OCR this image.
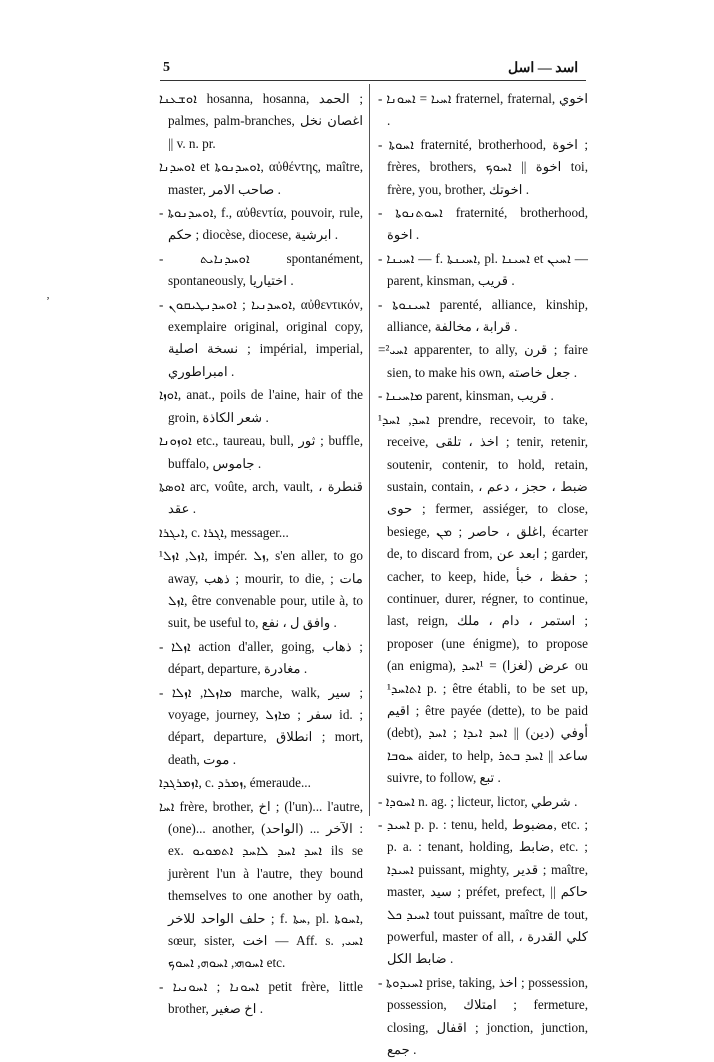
5	ﺍﺳﺪ — ﺍﺳﻞ
ʼ

ܐܘܫܥܢܐ hosanna, hosanna, الحمد ; palmes, palm-branches, اغصان نخل || v. n. pr.

ܐܘܚܕܢܐ et ܐܘܚܕܢܘܬܐ, αὐθέντης, maître, master, صاحب الامر .

- ܐܘܚܕܢܘܬܐ, f., αὐθεντία, pouvoir, rule, حكم ; diocèse, diocese, ابرشية .

- ܐܘܚܕܢܐܝܬ spontanément, spontaneously, اختياريا .

- ܐܘܚܕܢܝܐ ; ܐܘܚܕܢܛܝܩܘܢ, αὐθεντικόν, exemplaire original, original copy, نسخة اصلية ; impérial, imperial, امبراطوري .

ܐܘܙܐ, anat., poils de l'aine, hair of the groin, شعر الكاذة .

ܐܘܙܘܢܐ etc., taureau, bull, ثور ; buffle, buffalo, جاموس .

ܐܘܣܬܐ arc, voûte, arch, vault, قنطرة ، عقد .

ܐܝܓܪܐ, c. ܐܓܪܐ, messager...

¹ܐܙܠ, ܐܙܠ, impér. ܙܠ, s'en aller, to go away, ذهب ; mourir, to die, مات ; ܐܙܠ, être convenable pour, utile à, to suit, be useful to, وافق ل ، نفع .

- ܐܙܠܐ action d'aller, going, ذهاب ; départ, departure, مغادرة .

- ܡܐܙܠܐ, ܐܙܠܐ marche, walk, سير ; voyage, journey, سفر ; ܡܐܙܠ id. ; départ, departure, انطلاق ; mort, death, موت .

ܐܙܡܪܓܕܐ, c. ܙܡܪܕ, émeraude...

ܐܚܐ frère, brother, اخ ; (l'un)... l'autre, (one)... another, (الواحد) ... الآخر : ex. ܐܚܕ ܐܚܕ ܠܐܚܕ ܐܬܡܘܝܘ ils se jurèrent l'un à l'autre, they bound themselves to one another by oath, حلف الواحد للاخر ; f. ܚܬܐ, pl. ܐܚܘܬܐ, sœur, sister, اخت — Aff. s. ܐܚܝ, ܐܚܘܗܝ, ܐܚܘܗ, ܐܚܘܟ etc.

- ܐܚܘܢܐ ; ܐܚܘܢܝܐ petit frère, little brother, اخ صغير .

- ܐܚܝܐ = ܐܚܘܢܐ fraternel, fraternal, اخوي .

- ܐܚܘܬܐ fraternité, brotherhood, اخوة ; frères, brothers, اخوة || ܐܚܘܟ toi, frère, you, brother, اخوتك .

- ܐܚܘܬܢܘܬܐ fraternité, brotherhood, اخوة .

- ܐܚܝܢܐ — f. ܐܚܝܢܬܐ, pl. ܐܚܝܢܐ et ܐܚܝܢ — parent, kinsman, قريب .

- ܐܚܝܢܘܬܐ parenté, alliance, kinship, alliance, قرابة ، مخالفة .

=²ܐܚܝ apparenter, to ally, قرن ; faire sien, to make his own, جعل خاصته .

- ܡܐܚܝܢܐ parent, kinsman, قريب .

¹ܐܚܕ, ܐܚܕ prendre, recevoir, to take, receive, اخذ ، تلقى ; tenir, retenir, soutenir, contenir, to hold, retain, sustain, contain, ضبط ، حجز ، دعم ، حوى ; fermer, assiéger, to close, besiege, اغلق ، حاصر ; ܡܢ, écarter de, to discard from, ابعد عن ; garder, cacher, to keep, hide, حفظ ، خبأ ; continuer, durer, régner, to continue, last, reign, استمر ، دام ، ملك ; proposer (une énigme), to propose (an enigma), عرض (لغزا) = ¹ܐܚܕ ou ¹ܐܬܐܚܕ p. ; être établi, to be set up, اقيم ; être payée (dette), to be paid (debt), أوفي (دين) || ܐܚܕ ܐܝܕܐ ; ܐܚܕ ܚܘܒܐ aider, to help, ساعد || ܐܚܕ ܒܬܪ suivre, to follow, تبع .

- ܐܚܘܕܐ n. ag. ; licteur, lictor, شرطي .

- ܐܚܝܕ p. p. : tenu, held, مضبوط, etc. ; p. a. : tenant, holding, ضابط, etc. ; ܐܚܝܕܐ puissant, mighty, قدير ; maître, master, سيد ; préfet, prefect, حاكم || ܐܚܝܕ ܟܠ tout puissant, maître de tout, powerful, master of all, كلي القدرة ، ضابط الكل .

- ܐܚܝܕܘܬܐ prise, taking, اخذ ; possession, possession, امتلاك ; fermeture, closing, اقفال ; jonction, junction, جمع .
